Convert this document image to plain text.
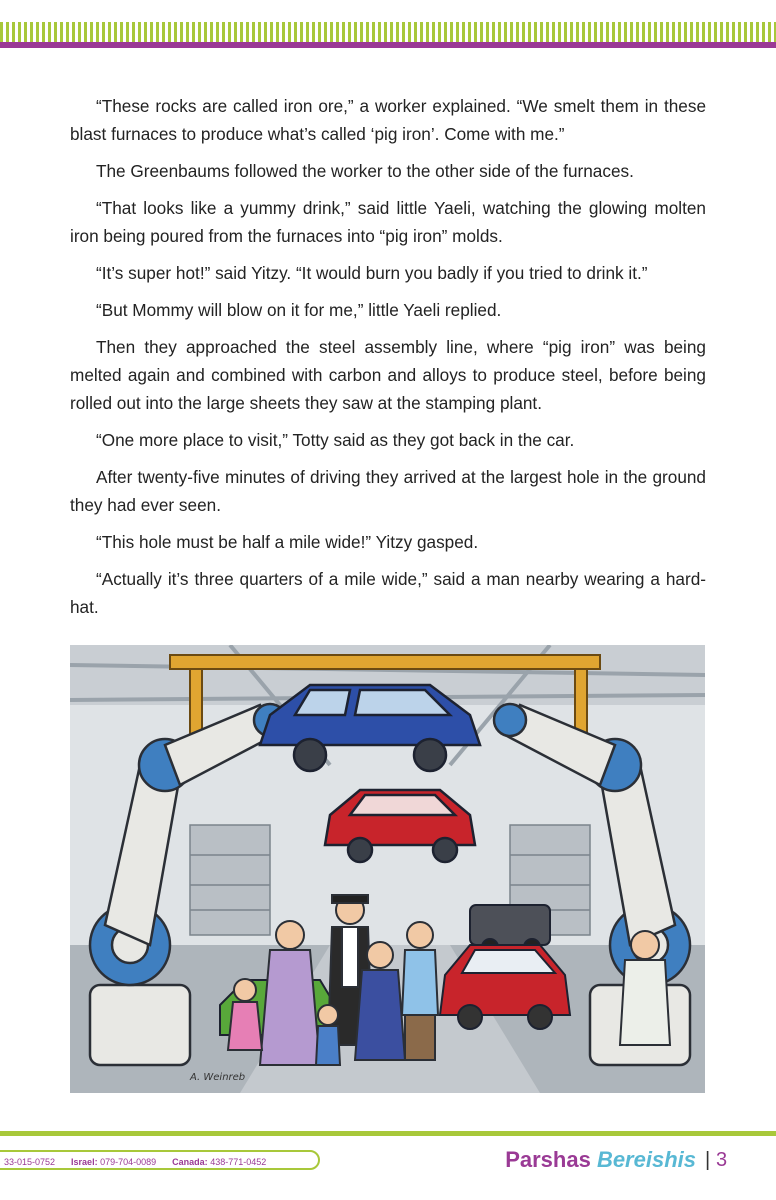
“These rocks are called iron ore,” a worker explained. “We smelt them in these blast furnaces to produce what’s called ‘pig iron’. Come with me.”

The Greenbaums followed the worker to the other side of the furnaces.

“That looks like a yummy drink,” said little Yaeli, watching the glowing molten iron being poured from the furnaces into “pig iron” molds.

“It’s super hot!” said Yitzy. “It would burn you badly if you tried to drink it.”

“But Mommy will blow on it for me,” little Yaeli replied.

Then they approached the steel assembly line, where “pig iron” was being melted again and combined with carbon and alloys to produce steel, before being rolled out into the large sheets they saw at the stamping plant.

“One more place to visit,” Totty said as they got back in the car.

After twenty-five minutes of driving they arrived at the largest hole in the ground they had ever seen.

“This hole must be half a mile wide!” Yitzy gasped.

“Actually it’s three quarters of a mile wide,” said a man nearby wearing a hard-hat.

A. Weinreb
33-015-0752 Israel: 079-704-0089 Canada: 438-771-0452	Parshas Bereishis | 3
